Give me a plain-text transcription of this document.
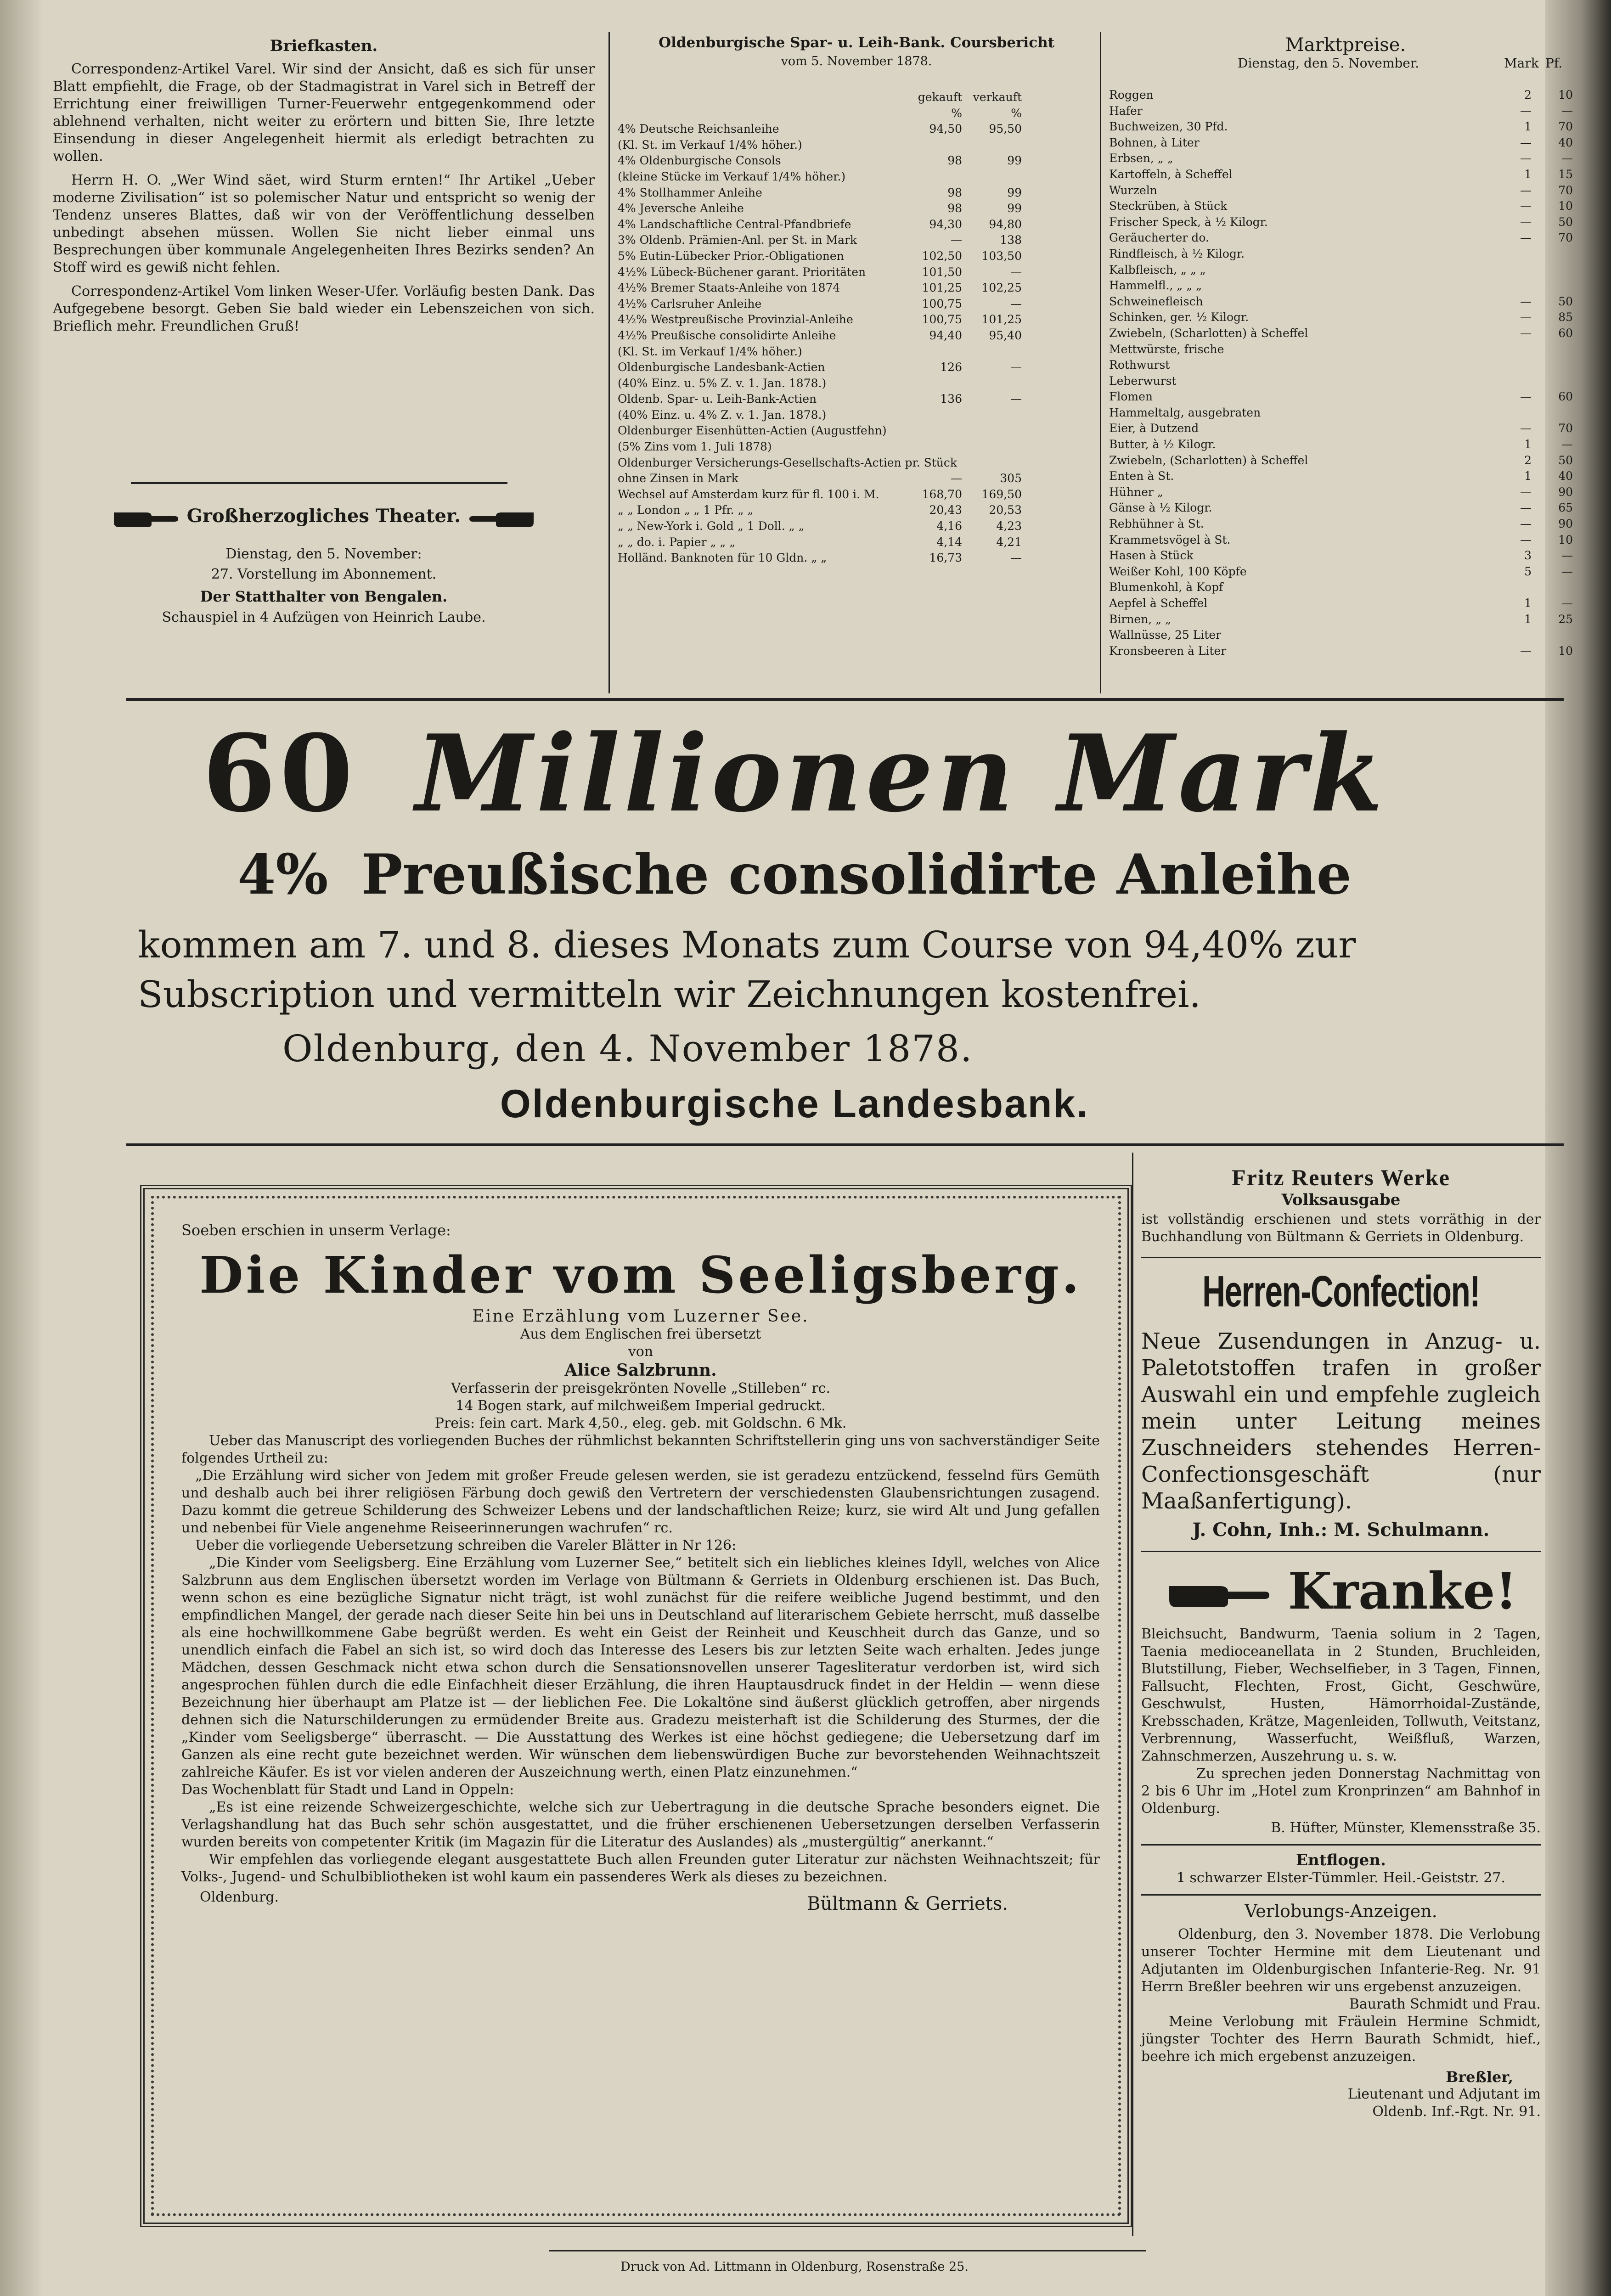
Briefkasten.

Correspondenz-Artikel Varel. Wir sind der Ansicht, daß es sich für unser Blatt empfiehlt, die Frage, ob der Stadmagistrat in Varel sich in Betreff der Errichtung einer freiwilligen Turner-Feuerwehr entgegenkommend oder ablehnend verhalten, nicht weiter zu erörtern und bitten Sie, Ihre letzte Einsendung in dieser Angelegenheit hiermit als erledigt betrachten zu wollen.

Herrn H. O. „Wer Wind säet, wird Sturm ernten!“ Ihr Artikel „Ueber moderne Zivilisation“ ist so polemischer Natur und entspricht so wenig der Tendenz unseres Blattes, daß wir von der Veröffentlichung desselben unbedingt absehen müssen. Wollen Sie nicht lieber einmal uns Besprechungen über kommunale Angelegenheiten Ihres Bezirks senden? An Stoff wird es gewiß nicht fehlen.

Correspondenz-Artikel Vom linken Weser-Ufer. Vorläufig besten Dank. Das Aufgegebene besorgt. Geben Sie bald wieder ein Lebenszeichen von sich. Brieflich mehr. Freundlichen Gruß!

Großherzogliches Theater.
Dienstag, den 5. November:
27. Vorstellung im Abonnement.
Der Statthalter von Bengalen.
Schauspiel in 4 Aufzügen von Heinrich Laube.
Oldenburgische Spar- u. Leih-Bank. Coursbericht
vom 5. November 1878.
gekauft verkauft
%	%
4% Deutsche Reichsanleihe	94,50	95,50
(Kl. St. im Verkauf 1/4% höher.)
4% Oldenburgische Consols	98	99
(kleine Stücke im Verkauf 1/4% höher.)
4% Stollhammer Anleihe	98	99
4% Jeversche Anleihe	98	99
4% Landschaftliche Central-Pfandbriefe	94,30	94,80
3% Oldenb. Prämien-Anl. per St. in Mark	—	138
5% Eutin-Lübecker Prior.-Obligationen	102,50	103,50
4½% Lübeck-Büchener garant. Prioritäten	101,50	—
4½% Bremer Staats-Anleihe von 1874	101,25	102,25
4½% Carlsruher Anleihe	100,75	—
4½% Westpreußische Provinzial-Anleihe	100,75	101,25
4½% Preußische consolidirte Anleihe	94,40	95,40
(Kl. St. im Verkauf 1/4% höher.)
Oldenburgische Landesbank-Actien	126	—
(40% Einz. u. 5% Z. v. 1. Jan. 1878.)
Oldenb. Spar- u. Leih-Bank-Actien	136	—
(40% Einz. u. 4% Z. v. 1. Jan. 1878.)
Oldenburger Eisenhütten-Actien (Augustfehn)
(5% Zins vom 1. Juli 1878)
Oldenburger Versicherungs-Gesellschafts-Actien pr. Stück
ohne Zinsen in Mark	—	305
Wechsel auf Amsterdam kurz für fl. 100 i. M.	168,70	169,50
„ „ London „ „ 1 Pfr. „ „	20,43	20,53
„ „ New-York i. Gold „ 1 Doll. „ „	4,16	4,23
„ „ do. i. Papier „ „ „	4,14	4,21
Holländ. Banknoten für 10 Gldn. „ „	16,73	—
Marktpreise.
Dienstag, den 5. November.	Mark Pf.
Roggen	2	10
Hafer	—	—
Buchweizen, 30 Pfd.	1	70
Bohnen, à Liter	—	40
Erbsen, „ „	—	—
Kartoffeln, à Scheffel	1	15
Wurzeln	—	70
Steckrüben, à Stück	—	10
Frischer Speck, à ½ Kilogr.	—	50
Geräucherter do.	—	70
Rindfleisch, à ½ Kilogr.
Kalbfleisch, „ „ „
Hammelfl., „ „ „
Schweinefleisch	—	50
Schinken, ger. ½ Kilogr.	—	85
Zwiebeln, (Scharlotten) à Scheffel	—	60
Mettwürste, frische
Rothwurst
Leberwurst
Flomen	—	60
Hammeltalg, ausgebraten
Eier, à Dutzend	—	70
Butter, à ½ Kilogr.	1	—
Zwiebeln, (Scharlotten) à Scheffel	2	50
Enten à St.	1	40
Hühner „	—	90
Gänse à ½ Kilogr.	—	65
Rebhühner à St.	—	90
Krammetsvögel à St.	—	10
Hasen à Stück	3	—
Weißer Kohl, 100 Köpfe	5	—
Blumenkohl, à Kopf
Aepfel à Scheffel	1	—
Birnen, „ „	1	25
Wallnüsse, 25 Liter
Kronsbeeren à Liter	—	10
60 Millionen Mark
4% Preußische consolidirte Anleihe

kommen am 7. und 8. dieses Monats zum Course von 94,40% zur Subscription und vermitteln wir Zeichnungen kostenfrei.

Oldenburg, den 4. November 1878.
Oldenburgische Landesbank.
Soeben erschien in unserm Verlage:
Die Kinder vom Seeligsberg.
Eine Erzählung vom Luzerner See.
Aus dem Englischen frei übersetzt
von
Alice Salzbrunn.
Verfasserin der preisgekrönten Novelle „Stilleben“ rc.
14 Bogen stark, auf milchweißem Imperial gedruckt.
Preis: fein cart. Mark 4,50., eleg. geb. mit Goldschn. 6 Mk.

Ueber das Manuscript des vorliegenden Buches der rühmlichst bekannten Schriftstellerin ging uns von sachverständiger Seite folgendes Urtheil zu:

„Die Erzählung wird sicher von Jedem mit großer Freude gelesen werden, sie ist geradezu entzückend, fesselnd fürs Gemüth und deshalb auch bei ihrer religiösen Färbung doch gewiß den Vertretern der verschiedensten Glaubensrichtungen zusagend. Dazu kommt die getreue Schilderung des Schweizer Lebens und der landschaftlichen Reize; kurz, sie wird Alt und Jung gefallen und nebenbei für Viele angenehme Reiseerinnerungen wachrufen“ rc.

Ueber die vorliegende Uebersetzung schreiben die Vareler Blätter in Nr 126:

„Die Kinder vom Seeligsberg. Eine Erzählung vom Luzerner See,“ betitelt sich ein liebliches kleines Idyll, welches von Alice Salzbrunn aus dem Englischen übersetzt worden im Verlage von Bültmann & Gerriets in Oldenburg erschienen ist. Das Buch, wenn schon es eine bezügliche Signatur nicht trägt, ist wohl zunächst für die reifere weibliche Jugend bestimmt, und den empfindlichen Mangel, der gerade nach dieser Seite hin bei uns in Deutschland auf literarischem Gebiete herrscht, muß dasselbe als eine hochwillkommene Gabe begrüßt werden. Es weht ein Geist der Reinheit und Keuschheit durch das Ganze, und so unendlich einfach die Fabel an sich ist, so wird doch das Interesse des Lesers bis zur letzten Seite wach erhalten. Jedes junge Mädchen, dessen Geschmack nicht etwa schon durch die Sensationsnovellen unserer Tagesliteratur verdorben ist, wird sich angesprochen fühlen durch die edle Einfachheit dieser Erzählung, die ihren Hauptausdruck findet in der Heldin — wenn diese Bezeichnung hier überhaupt am Platze ist — der lieblichen Fee. Die Lokaltöne sind äußerst glücklich getroffen, aber nirgends dehnen sich die Naturschilderungen zu ermüdender Breite aus. Gradezu meisterhaft ist die Schilderung des Sturmes, der die „Kinder vom Seeligsberge“ überrascht. — Die Ausstattung des Werkes ist eine höchst gediegene; die Uebersetzung darf im Ganzen als eine recht gute bezeichnet werden. Wir wünschen dem liebenswürdigen Buche zur bevorstehenden Weihnachtszeit zahlreiche Käufer. Es ist vor vielen anderen der Auszeichnung werth, einen Platz einzunehmen.“

Das Wochenblatt für Stadt und Land in Oppeln:

„Es ist eine reizende Schweizergeschichte, welche sich zur Uebertragung in die deutsche Sprache besonders eignet. Die Verlagshandlung hat das Buch sehr schön ausgestattet, und die früher erschienenen Uebersetzungen derselben Verfasserin wurden bereits von competenter Kritik (im Magazin für die Literatur des Auslandes) als „mustergültig“ anerkannt.“

Wir empfehlen das vorliegende elegant ausgestattete Buch allen Freunden guter Literatur zur nächsten Weihnachtszeit; für Volks-, Jugend- und Schulbibliotheken ist wohl kaum ein passenderes Werk als dieses zu bezeichnen.

Oldenburg.	Bültmann & Gerriets.
Fritz Reuters Werke
Volksausgabe

ist vollständig erschienen und stets vorräthig in der Buchhandlung von Bültmann & Gerriets in Oldenburg.

Herren-Confection!

Neue Zusendungen in Anzug- u. Paletotstoffen trafen in großer Auswahl ein und empfehle zugleich mein unter Leitung meines Zuschneiders stehendes Herren-Confectionsgeschäft (nur Maaßanfertigung).

J. Cohn, Inh.: M. Schulmann.
Kranke!

Bleichsucht, Bandwurm, Taenia solium in 2 Tagen, Taenia medioceanellata in 2 Stunden, Bruchleiden, Blutstillung, Fieber, Wechselfieber, in 3 Tagen, Finnen, Fallsucht, Flechten, Frost, Gicht, Geschwüre, Geschwulst, Husten, Hämorrhoidal-Zustände, Krebsschaden, Krätze, Magenleiden, Tollwuth, Veitstanz, Verbrennung, Wasserfucht, Weißfluß, Warzen, Zahnschmerzen, Auszehrung u. s. w.

Zu sprechen jeden Donnerstag Nachmittag von 2 bis 6 Uhr im „Hotel zum Kronprinzen“ am Bahnhof in Oldenburg.

B. Hüfter, Münster, Klemensstraße 35.
Entflogen.
1 schwarzer Elster-Tümmler. Heil.-Geiststr. 27.
Verlobungs-Anzeigen.

Oldenburg, den 3. November 1878. Die Verlobung unserer Tochter Hermine mit dem Lieutenant und Adjutanten im Oldenburgischen Infanterie-Reg. Nr. 91 Herrn Breßler beehren wir uns ergebenst anzuzeigen.

Baurath Schmidt und Frau.

Meine Verlobung mit Fräulein Hermine Schmidt, jüngster Tochter des Herrn Baurath Schmidt, hief., beehre ich mich ergebenst anzuzeigen.

Breßler,
Lieutenant und Adjutant im
Oldenb. Inf.-Rgt. Nr. 91.
Druck von Ad. Littmann in Oldenburg, Rosenstraße 25.
